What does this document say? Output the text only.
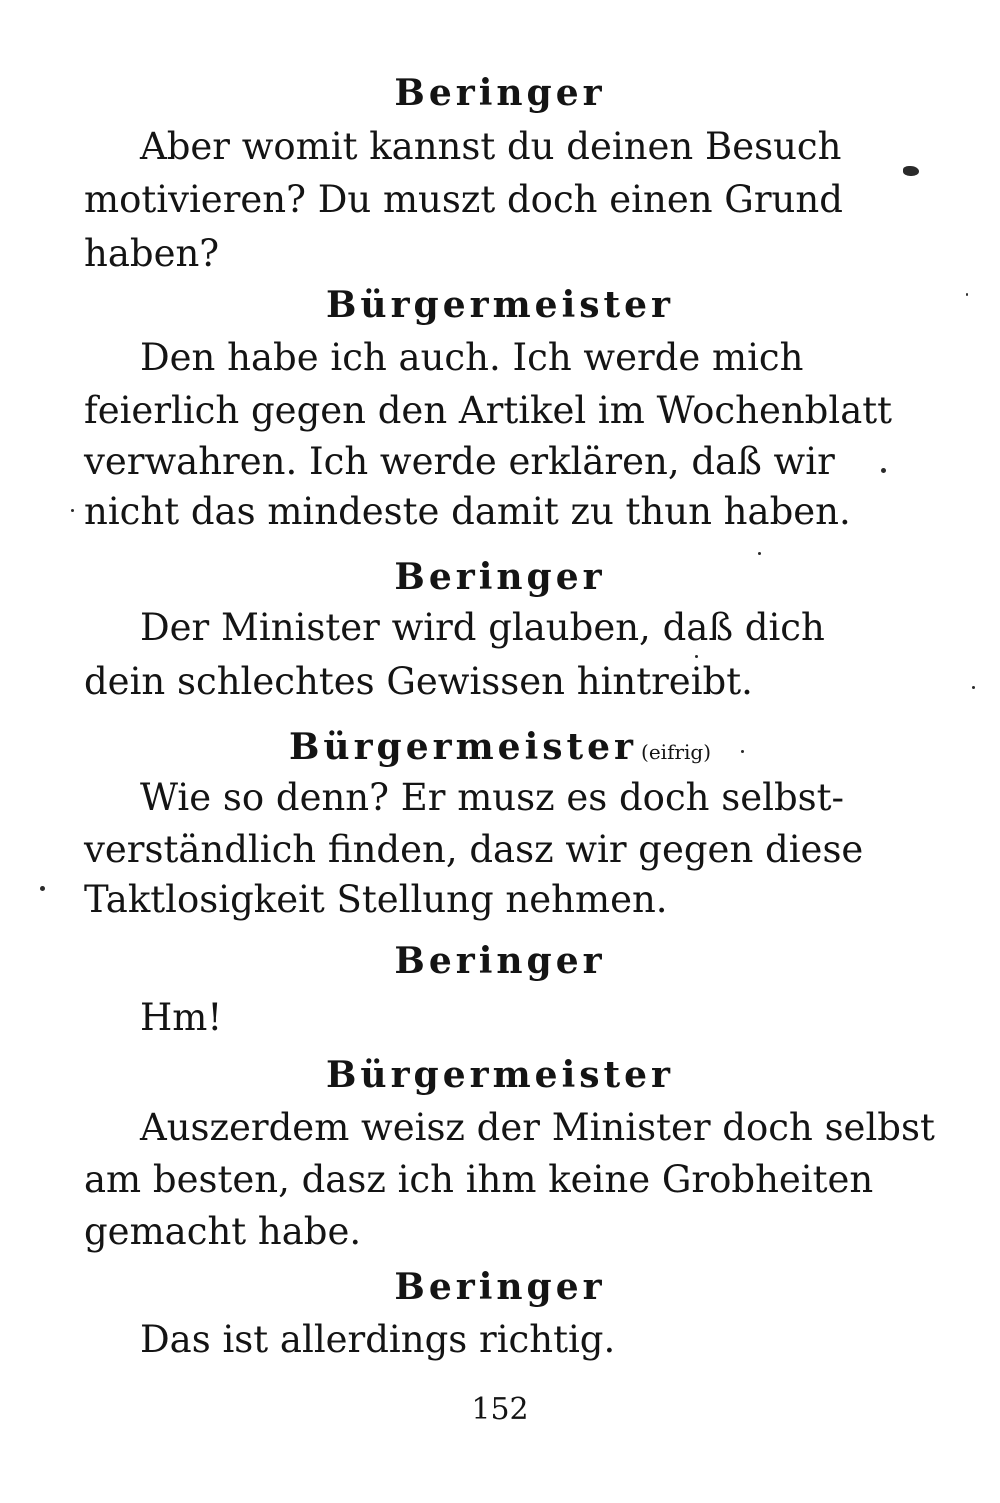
Beringer
Aber womit kannst du deinen Besuch
motivieren? Du muszt doch einen Grund
haben?
Bürgermeister
Den habe ich auch. Ich werde mich
feierlich gegen den Artikel im Wochenblatt
verwahren. Ich werde erklären, daß wir
nicht das mindeste damit zu thun haben.
Beringer
Der Minister wird glauben, daß dich
dein schlechtes Gewissen hintreibt.
Bürgermeister (eifrig)
Wie so denn? Er musz es doch selbst-
verständlich finden, dasz wir gegen diese
Taktlosigkeit Stellung nehmen.
Beringer
Hm!
Bürgermeister
Auszerdem weisz der Minister doch selbst
am besten, dasz ich ihm keine Grobheiten
gemacht habe.
Beringer
Das ist allerdings richtig.
152
